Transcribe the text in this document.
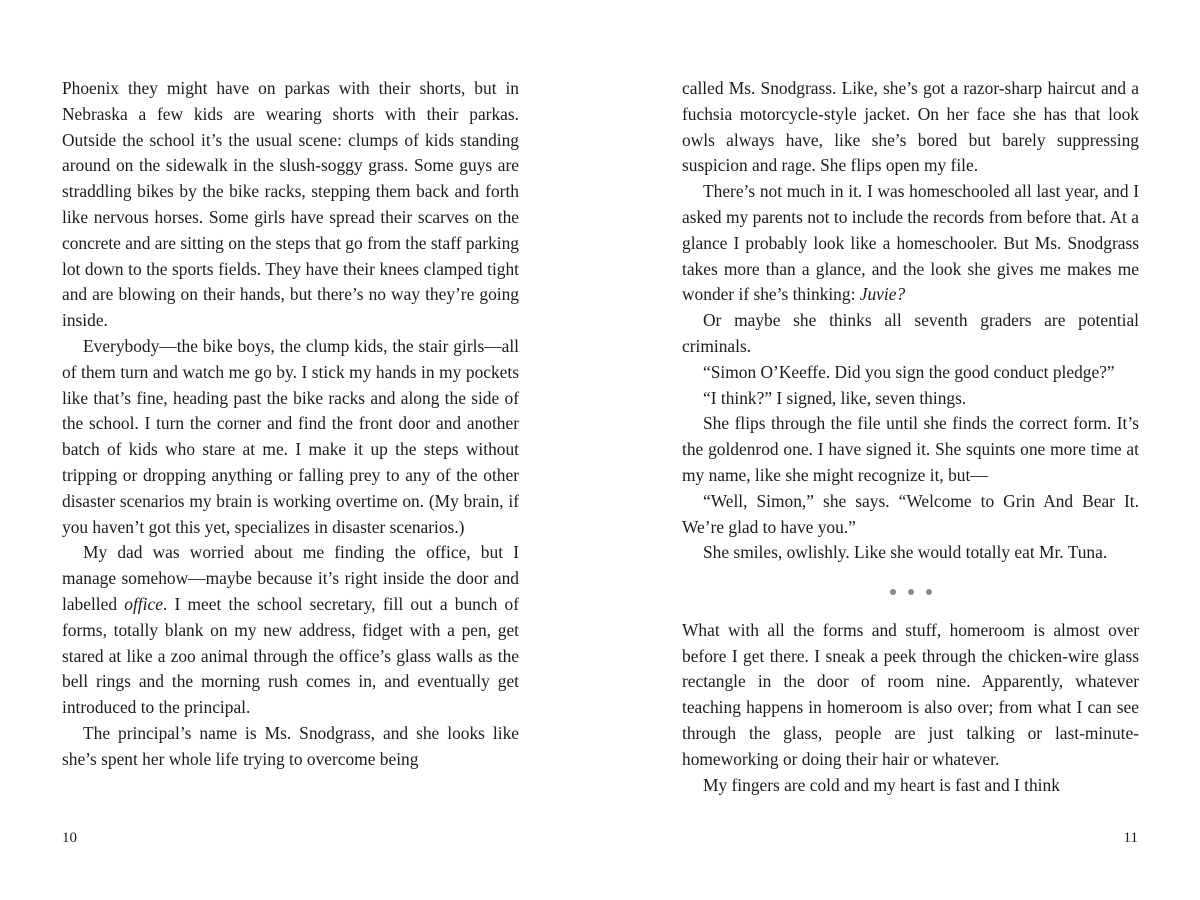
Phoenix they might have on parkas with their shorts, but in Nebraska a few kids are wearing shorts with their parkas. Outside the school it’s the usual scene: clumps of kids standing around on the sidewalk in the slush-soggy grass. Some guys are straddling bikes by the bike racks, stepping them back and forth like nervous horses. Some girls have spread their scarves on the concrete and are sitting on the steps that go from the staff parking lot down to the sports fields. They have their knees clamped tight and are blowing on their hands, but there’s no way they’re going inside.

Everybody—the bike boys, the clump kids, the stair girls—all of them turn and watch me go by. I stick my hands in my pockets like that’s fine, heading past the bike racks and along the side of the school. I turn the corner and find the front door and another batch of kids who stare at me. I make it up the steps without tripping or dropping anything or falling prey to any of the other disaster scenarios my brain is working overtime on. (My brain, if you haven’t got this yet, specializes in disaster scenarios.)

My dad was worried about me finding the office, but I manage somehow—maybe because it’s right inside the door and labelled office. I meet the school secretary, fill out a bunch of forms, totally blank on my new address, fidget with a pen, get stared at like a zoo animal through the office’s glass walls as the bell rings and the morning rush comes in, and eventually get introduced to the principal.

The principal’s name is Ms. Snodgrass, and she looks like she’s spent her whole life trying to overcome being

10

called Ms. Snodgrass. Like, she’s got a razor-sharp haircut and a fuchsia motorcycle-style jacket. On her face she has that look owls always have, like she’s bored but barely suppressing suspicion and rage. She flips open my file.

There’s not much in it. I was homeschooled all last year, and I asked my parents not to include the records from before that. At a glance I probably look like a homeschooler. But Ms. Snodgrass takes more than a glance, and the look she gives me makes me wonder if she’s thinking: Juvie?

Or maybe she thinks all seventh graders are potential criminals.

“Simon O’Keeffe. Did you sign the good conduct pledge?”

“I think?” I signed, like, seven things.

She flips through the file until she finds the correct form. It’s the goldenrod one. I have signed it. She squints one more time at my name, like she might recognize it, but—

“Well, Simon,” she says. “Welcome to Grin And Bear It. We’re glad to have you.”

She smiles, owlishly. Like she would totally eat Mr. Tuna.

What with all the forms and stuff, homeroom is almost over before I get there. I sneak a peek through the chicken-wire glass rectangle in the door of room nine. Apparently, whatever teaching happens in homeroom is also over; from what I can see through the glass, people are just talking or last-minute-homeworking or doing their hair or whatever.

My fingers are cold and my heart is fast and I think

11
